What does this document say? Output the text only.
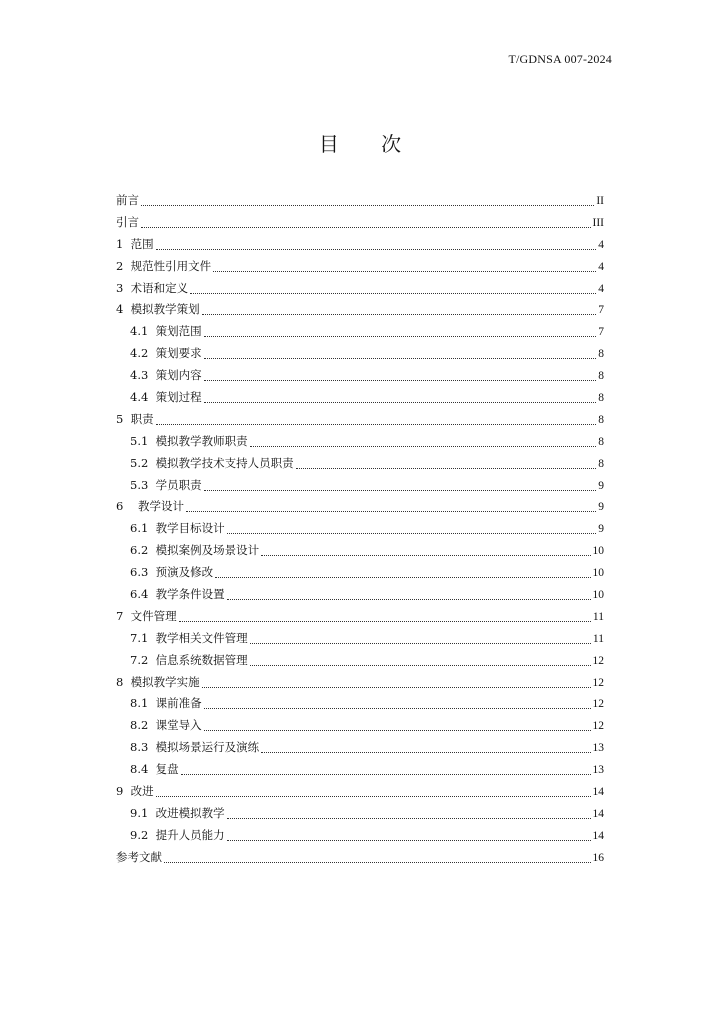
T/GDNSA 007-2024
目 次
前言	II
引言	III
1  范围	4
2  规范性引用文件	4
3  术语和定义	4
4  模拟教学策划	7
4.1  策划范围	7
4.2  策划要求	8
4.3  策划内容	8
4.4  策划过程	8
5  职责	8
5.1  模拟教学教师职责	8
5.2  模拟教学技术支持人员职责	8
5.3  学员职责	9
6    教学设计	9
6.1  教学目标设计	9
6.2  模拟案例及场景设计	10
6.3  预演及修改	10
6.4  教学条件设置	10
7  文件管理	11
7.1  教学相关文件管理	11
7.2  信息系统数据管理	12
8  模拟教学实施	12
8.1  课前准备	12
8.2  课堂导入	12
8.3  模拟场景运行及演练	13
8.4  复盘	13
9  改进	14
9.1  改进模拟教学	14
9.2  提升人员能力	14
参考文献	16
